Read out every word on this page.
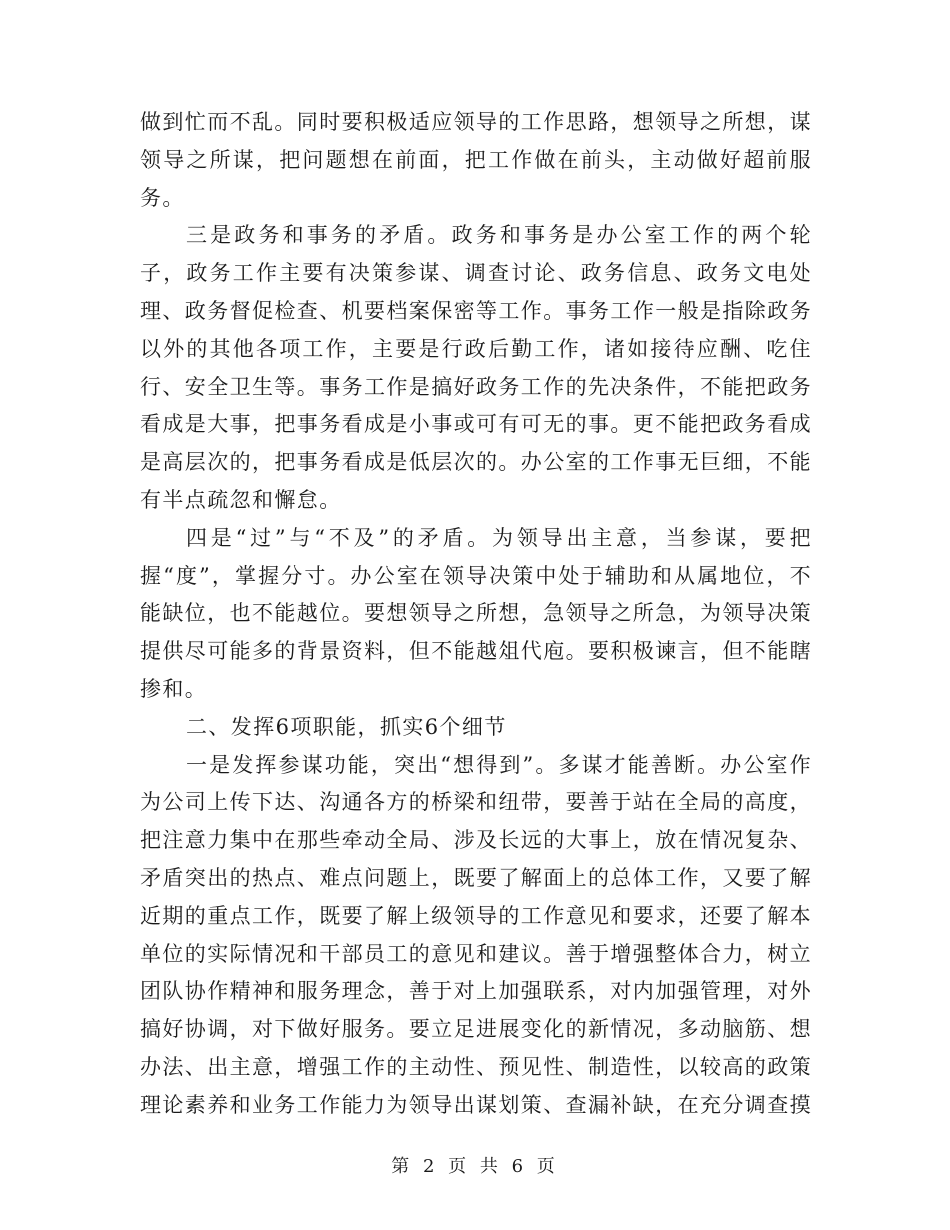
做到忙而不乱。同时要积极适应领导的工作思路，想领导之所想，谋领导之所谋，把问题想在前面，把工作做在前头，主动做好超前服务。

三是政务和事务的矛盾。政务和事务是办公室工作的两个轮子，政务工作主要有决策参谋、调查讨论、政务信息、政务文电处理、政务督促检查、机要档案保密等工作。事务工作一般是指除政务以外的其他各项工作，主要是行政后勤工作，诸如接待应酬、吃住行、安全卫生等。事务工作是搞好政务工作的先决条件，不能把政务看成是大事，把事务看成是小事或可有可无的事。更不能把政务看成是高层次的，把事务看成是低层次的。办公室的工作事无巨细，不能有半点疏忽和懈怠。

四是“过”与“不及”的矛盾。为领导出主意，当参谋，要把握“度”，掌握分寸。办公室在领导决策中处于辅助和从属地位，不能缺位，也不能越位。要想领导之所想，急领导之所急，为领导决策提供尽可能多的背景资料，但不能越俎代庖。要积极谏言，但不能瞎掺和。

二、发挥6项职能，抓实6个细节

一是发挥参谋功能，突出“想得到”。多谋才能善断。办公室作为公司上传下达、沟通各方的桥梁和纽带，要善于站在全局的高度，把注意力集中在那些牵动全局、涉及长远的大事上，放在情况复杂、矛盾突出的热点、难点问题上，既要了解面上的总体工作，又要了解近期的重点工作，既要了解上级领导的工作意见和要求，还要了解本单位的实际情况和干部员工的意见和建议。善于增强整体合力，树立团队协作精神和服务理念，善于对上加强联系，对内加强管理，对外搞好协调，对下做好服务。要立足进展变化的新情况，多动脑筋、想办法、出主意，增强工作的主动性、预见性、制造性，以较高的政策理论素养和业务工作能力为领导出谋划策、查漏补缺，在充分调查摸

第 2 页 共 6 页
